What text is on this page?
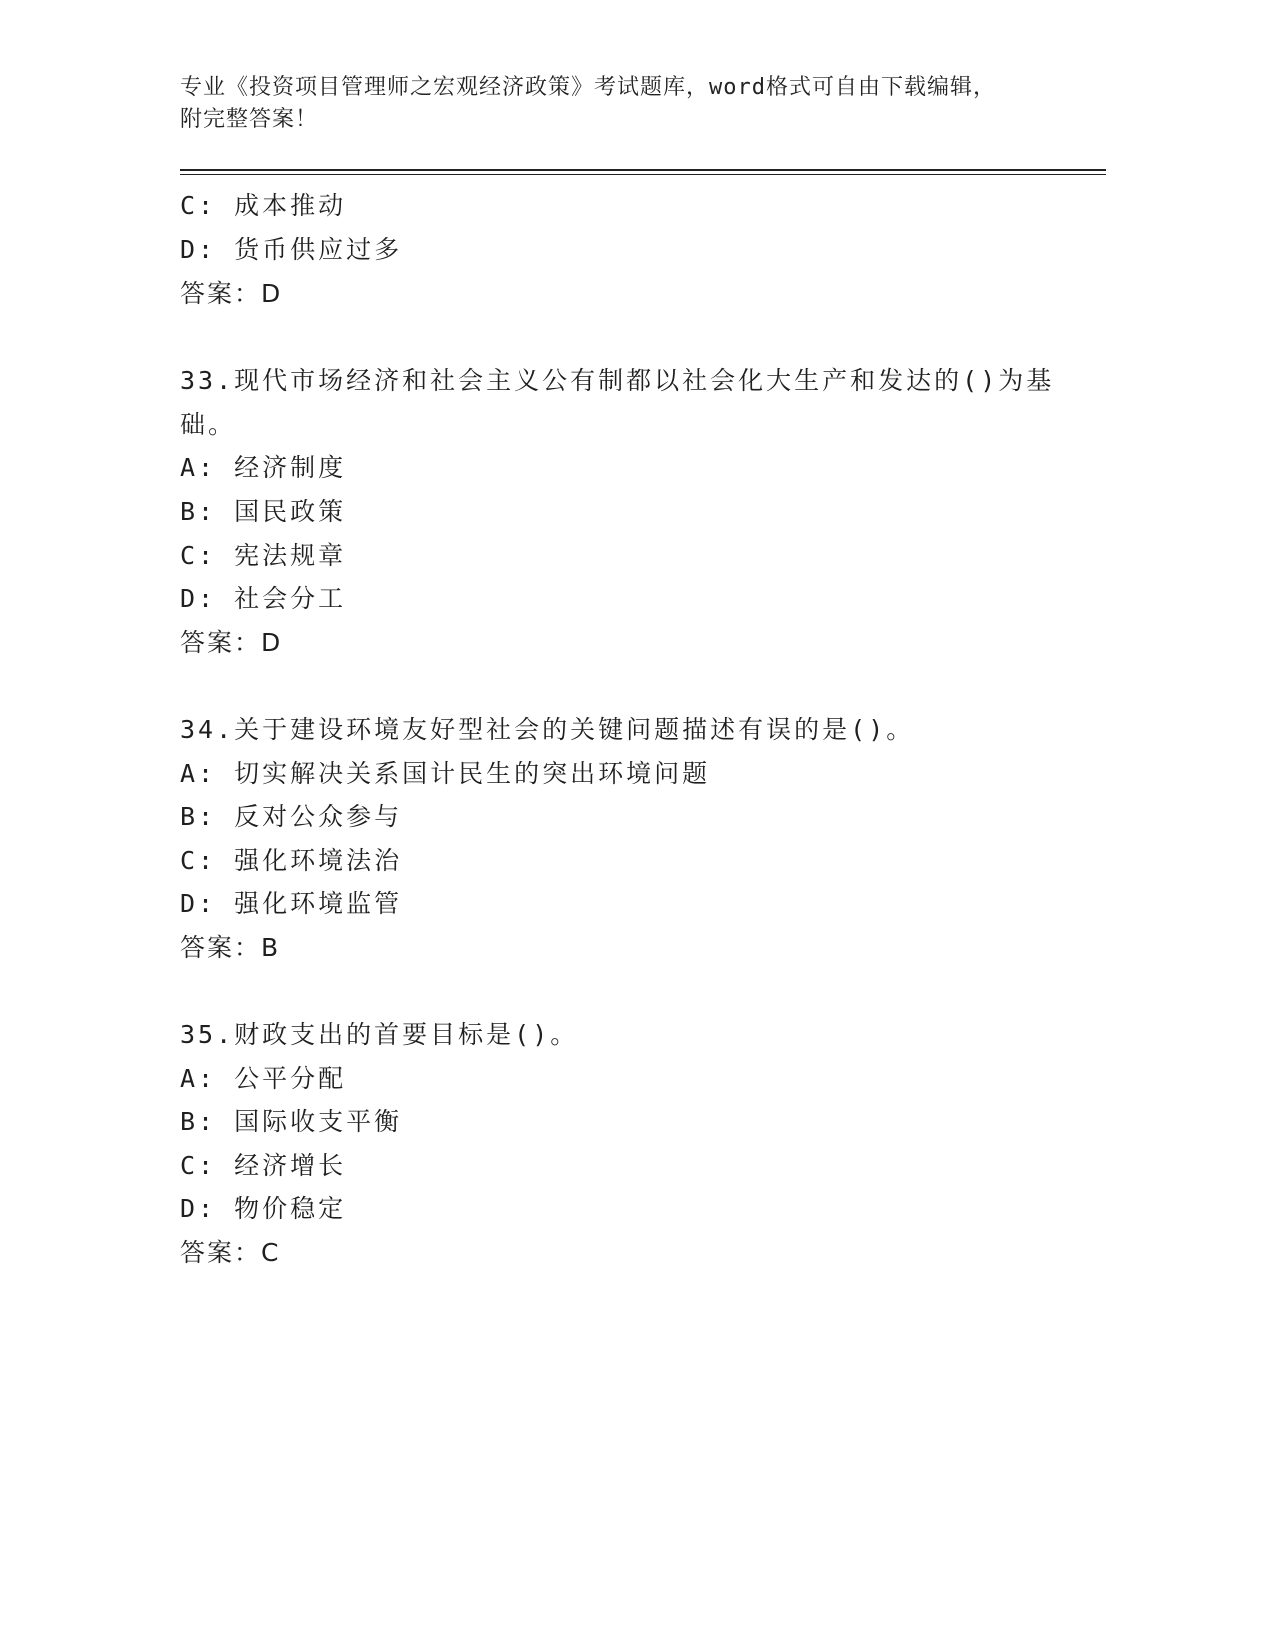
专业《投资项目管理师之宏观经济政策》考试题库，word格式可自由下载编辑，
附完整答案！
C: 成本推动
D: 货币供应过多
答案：D
33.现代市场经济和社会主义公有制都以社会化大生产和发达的()为基
础。
A: 经济制度
B: 国民政策
C: 宪法规章
D: 社会分工
答案：D
34.关于建设环境友好型社会的关键问题描述有误的是()。
A: 切实解决关系国计民生的突出环境问题
B: 反对公众参与
C: 强化环境法治
D: 强化环境监管
答案：B
35.财政支出的首要目标是()。
A: 公平分配
B: 国际收支平衡
C: 经济增长
D: 物价稳定
答案：C
